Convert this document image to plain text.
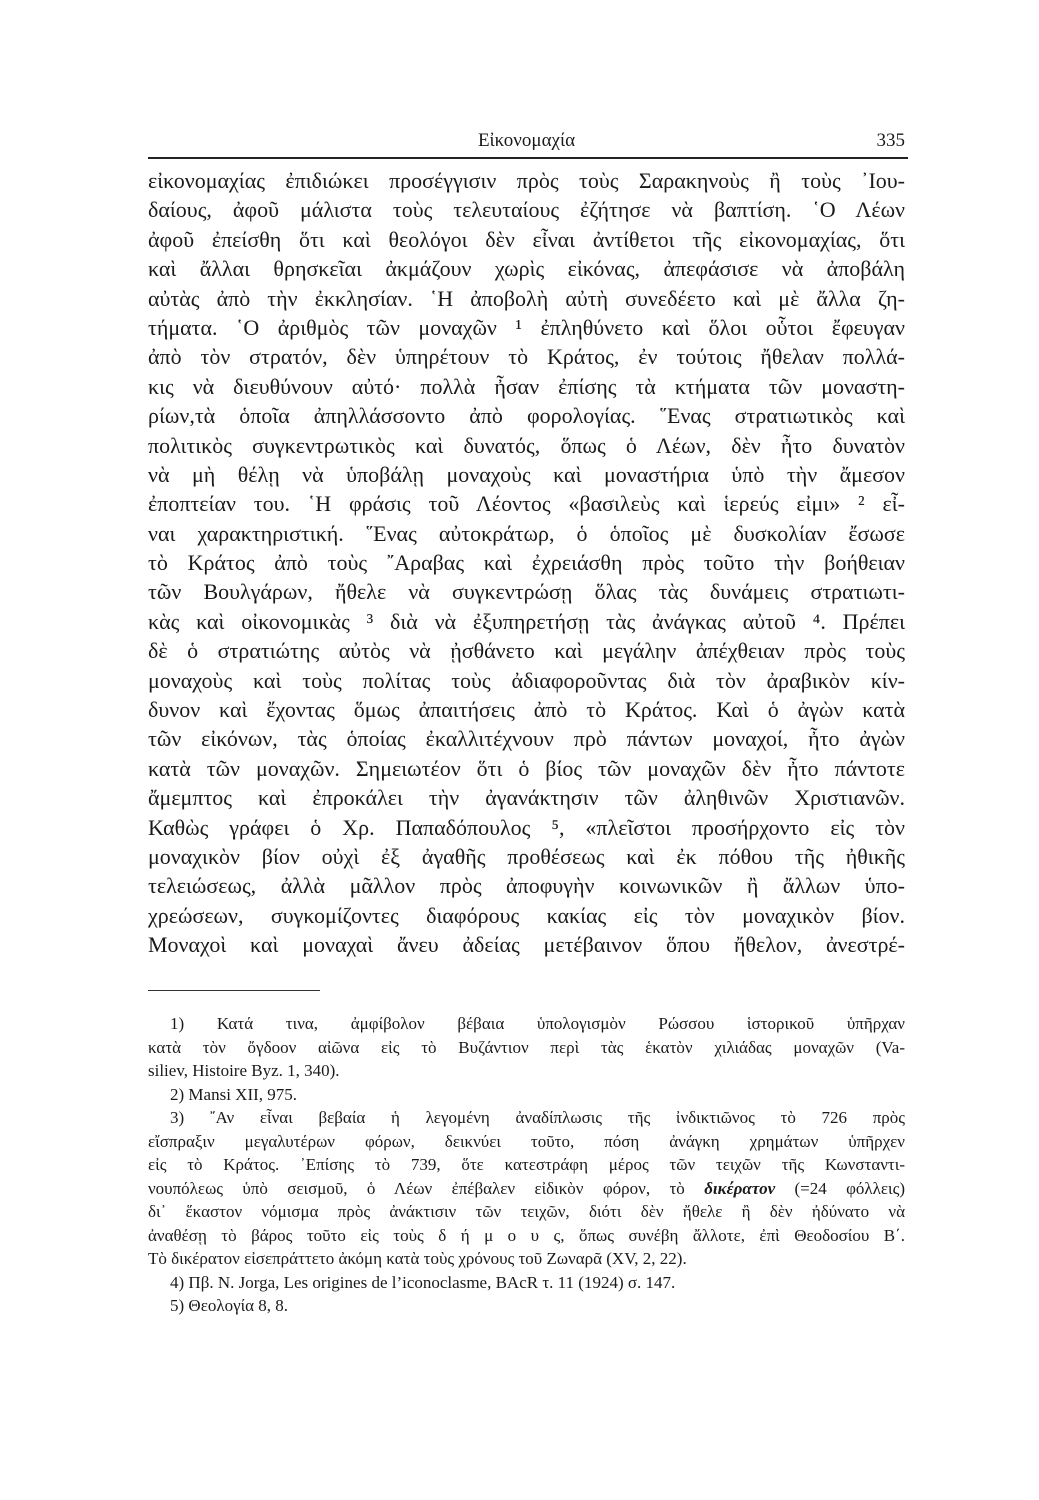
Εἰκονομαχία	335
εἰκονομαχίας ἐπιδιώκει προσέγγισιν πρὸς τοὺς Σαρακηνοὺς ἢ τοὺς ᾿Ιου-
δαίους, ἀφοῦ μάλιστα τοὺς τελευταίους ἐζήτησε νὰ βαπτίση. ῾Ο Λέων
ἀφοῦ ἐπείσθη ὅτι καὶ θεολόγοι δὲν εἶναι ἀντίθετοι τῆς εἰκονομαχίας, ὅτι
καὶ ἄλλαι θρησκεῖαι ἀκμάζουν χωρὶς εἰκόνας, ἀπεφάσισε νὰ ἀποβάλη
αὐτὰς ἀπὸ τὴν ἐκκλησίαν. ῾Η ἀποβολὴ αὐτὴ συνεδέετο καὶ μὲ ἄλλα ζη-
τήματα. ῾Ο ἀριθμὸς τῶν μοναχῶν ¹ ἐπληθύνετο καὶ ὅλοι οὗτοι ἔφευγαν
ἀπὸ τὸν στρατόν, δὲν ὑπηρέτουν τὸ Κράτος, ἐν τούτοις ἤθελαν πολλά-
κις νὰ διευθύνουν αὐτό· πολλὰ ἦσαν ἐπίσης τὰ κτήματα τῶν μοναστη-
ρίων,τὰ ὁποῖα ἀπηλλάσσοντο ἀπὸ φορολογίας. ῞Ενας στρατιωτικὸς καὶ
πολιτικὸς συγκεντρωτικὸς καὶ δυνατός, ὅπως ὁ Λέων, δὲν ἦτο δυνατὸν
νὰ μὴ θέλῃ νὰ ὑποβάλῃ μοναχοὺς καὶ μοναστήρια ὑπὸ τὴν ἄμεσον
ἐποπτείαν του. ῾Η φράσις τοῦ Λέοντος «βασιλεὺς καὶ ἱερεύς εἰμι» ² εἶ-
ναι χαρακτηριστική. ῞Ενας αὐτοκράτωρ, ὁ ὁποῖος μὲ δυσκολίαν ἔσωσε
τὸ Κράτος ἀπὸ τοὺς ῎Αραβας καὶ ἐχρειάσθη πρὸς τοῦτο τὴν βοήθειαν
τῶν Βουλγάρων, ἤθελε νὰ συγκεντρώσῃ ὅλας τὰς δυνάμεις στρατιωτι-
κὰς καὶ οἰκονομικὰς ³ διὰ νὰ ἐξυπηρετήσῃ τὰς ἀνάγκας αὐτοῦ ⁴. Πρέπει
δὲ ὁ στρατιώτης αὐτὸς νὰ ᾐσθάνετο καὶ μεγάλην ἀπέχθειαν πρὸς τοὺς
μοναχοὺς καὶ τοὺς πολίτας τοὺς ἀδιαφοροῦντας διὰ τὸν ἀραβικὸν κίν-
δυνον καὶ ἔχοντας ὅμως ἀπαιτήσεις ἀπὸ τὸ Κράτος. Καὶ ὁ ἀγὼν κατὰ
τῶν εἰκόνων, τὰς ὁποίας ἐκαλλιτέχνουν πρὸ πάντων μοναχοί, ἦτο ἀγὼν
κατὰ τῶν μοναχῶν. Σημειωτέον ὅτι ὁ βίος τῶν μοναχῶν δὲν ἦτο πάντοτε
ἄμεμπτος καὶ ἐπροκάλει τὴν ἀγανάκτησιν τῶν ἀληθινῶν Χριστιανῶν.
Καθὼς γράφει ὁ Χρ. Παπαδόπουλος ⁵, «πλεῖστοι προσήρχοντο εἰς τὸν
μοναχικὸν βίον οὐχὶ ἐξ ἀγαθῆς προθέσεως καὶ ἐκ πόθου τῆς ἠθικῆς
τελειώσεως, ἀλλὰ μᾶλλον πρὸς ἀποφυγὴν κοινωνικῶν ἢ ἄλλων ὑπο-
χρεώσεων, συγκομίζοντες διαφόρους κακίας εἰς τὸν μοναχικὸν βίον.
Μοναχοὶ καὶ μοναχαὶ ἄνευ ἀδείας μετέβαινον ὅπου ἤθελον, ἀνεστρέ-
1) Κατά τινα, ἀμφίβολον βέβαια ὑπολογισμὸν Ρώσσου ἱστορικοῦ ὑπῆρχαν
κατὰ τὸν ὄγδοον αἰῶνα εἰς τὸ Βυζάντιον περὶ τὰς ἑκατὸν χιλιάδας μοναχῶν (Va-
siliev, Histoire Byz. 1, 340).
2) Mansi XII, 975.
3) ῎Αν εἶναι βεβαία ἡ λεγομένη ἀναδίπλωσις τῆς ἰνδικτιῶνος τὸ 726 πρὸς
εἴσπραξιν μεγαλυτέρων φόρων, δεικνύει τοῦτο, πόση ἀνάγκη χρημάτων ὑπῆρχεν
εἰς τὸ Κράτος. ᾿Επίσης τὸ 739, ὅτε κατεστράφη μέρος τῶν τειχῶν τῆς Κωνσταντι-
νουπόλεως ὑπὸ σεισμοῦ, ὁ Λέων ἐπέβαλεν εἰδικὸν φόρον, τὸ δικέρατον (=24 φόλλεις)
δι᾿ ἕκαστον νόμισμα πρὸς ἀνάκτισιν τῶν τειχῶν, διότι δὲν ἤθελε ἢ δὲν ἠδύνατο νὰ
ἀναθέσῃ τὸ βάρος τοῦτο εἰς τοὺς δ ή μ ο υ ς, ὅπως συνέβη ἄλλοτε, ἐπὶ Θεοδοσίου Β΄.
Τὸ δικέρατον εἰσεπράττετο ἀκόμη κατὰ τοὺς χρόνους τοῦ Ζωναρᾶ (XV, 2, 22).
4) Πβ. N. Jorga, Les origines de l’iconoclasme, BAcR τ. 11 (1924) σ. 147.
5) Θεολογία 8, 8.
